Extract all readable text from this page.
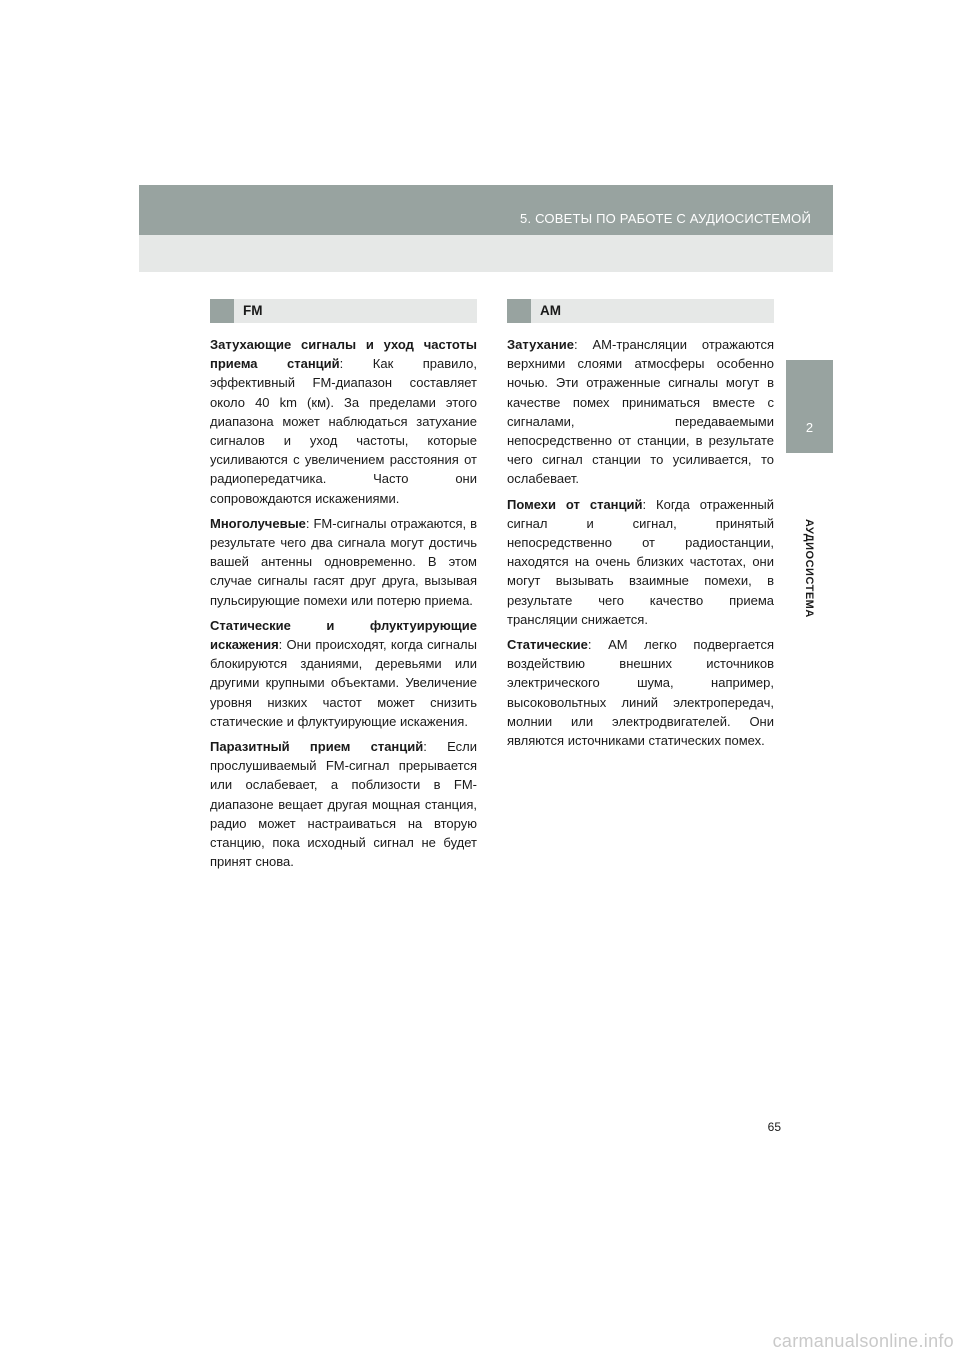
5. СОВЕТЫ ПО РАБОТЕ С АУДИОСИСТЕМОЙ
2
АУДИОСИСТЕМА
FM

Затухающие сигналы и уход частоты приема станций: Как правило, эффективный FM-диапазон составляет около 40 km (км). За пределами этого диапазона может наблюдаться затухание сигналов и уход частоты, которые усиливаются с увеличением расстояния от радиопередатчика. Часто они сопровождаются искажениями.

Многолучевые: FM-сигналы отражаются, в результате чего два сигнала могут достичь вашей антенны одновременно. В этом случае сигналы гасят друг друга, вызывая пульсирующие помехи или потерю приема.

Статические и флуктуирующие искажения: Они происходят, когда сигналы блокируются зданиями, деревьями или другими крупными объектами. Увеличение уровня низких частот может снизить статические и флуктуирующие искажения.

Паразитный прием станций: Если прослушиваемый FM-сигнал прерывается или ослабевает, а поблизости в FM-диапазоне вещает другая мощная станция, радио может настраиваться на вторую станцию, пока исходный сигнал не будет принят снова.

AM

Затухание: AM-трансляции отражаются верхними слоями атмосферы особенно ночью. Эти отраженные сигналы могут в качестве помех приниматься вместе с сигналами, передаваемыми непосредственно от станции, в результате чего сигнал станции то усиливается, то ослабевает.

Помехи от станций: Когда отраженный сигнал и сигнал, принятый непосредственно от радиостанции, находятся на очень близких частотах, они могут вызывать взаимные помехи, в результате чего качество приема трансляции снижается.

Статические: AM легко подвергается воздействию внешних источников электрического шума, например, высоковольтных линий электропередач, молнии или электродвигателей. Они являются источниками статических помех.

65
carmanualsonline.info
